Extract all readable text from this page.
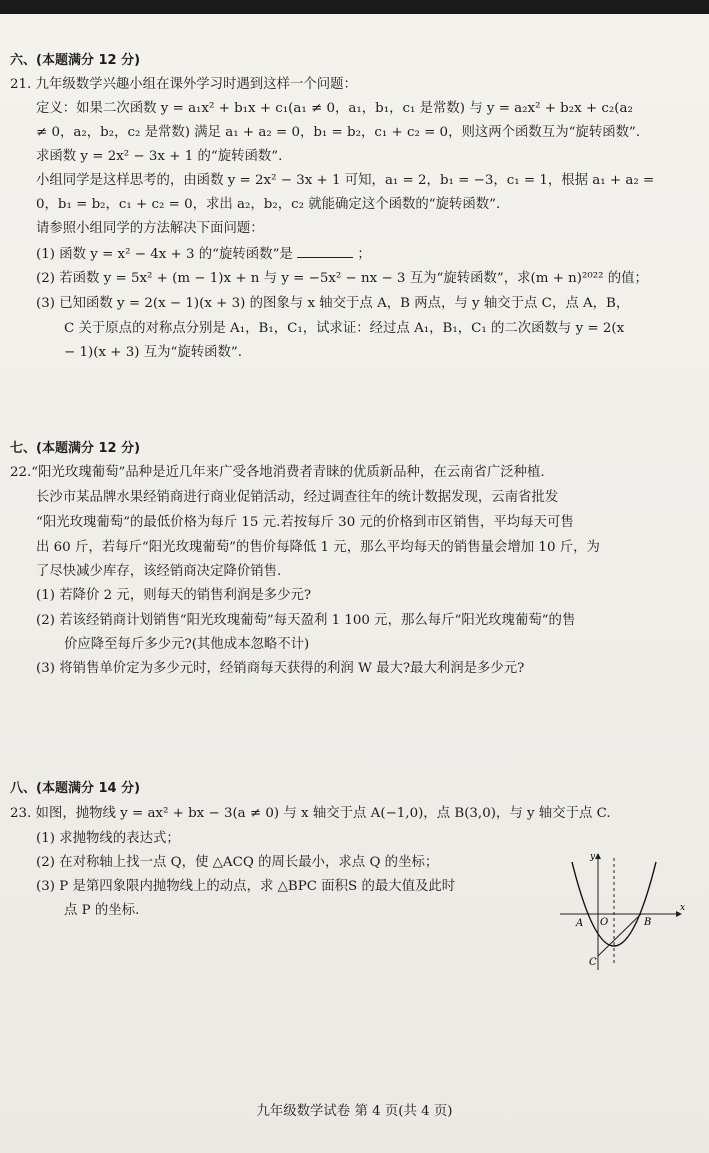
六、(本题满分 12 分)
21. 九年级数学兴趣小组在课外学习时遇到这样一个问题：
定义：如果二次函数 y = a₁x² + b₁x + c₁(a₁ ≠ 0，a₁，b₁，c₁ 是常数) 与 y = a₂x² + b₂x + c₂(a₂
≠ 0，a₂，b₂，c₂ 是常数) 满足 a₁ + a₂ = 0，b₁ = b₂，c₁ + c₂ = 0，则这两个函数互为“旋转函数”.
求函数 y = 2x² − 3x + 1 的“旋转函数”.
小组同学是这样思考的，由函数 y = 2x² − 3x + 1 可知，a₁ = 2，b₁ = −3，c₁ = 1，根据 a₁ + a₂ =
0，b₁ = b₂，c₁ + c₂ = 0，求出 a₂，b₂，c₂ 就能确定这个函数的“旋转函数”.
请参照小组同学的方法解决下面问题：
(1) 函数 y = x² − 4x + 3 的“旋转函数”是	；
(2) 若函数 y = 5x² + (m − 1)x + n 与 y = −5x² − nx − 3 互为“旋转函数”，求(m + n)²⁰²² 的值；
(3) 已知函数 y = 2(x − 1)(x + 3) 的图象与 x 轴交于点 A，B 两点，与 y 轴交于点 C，点 A，B，
C 关于原点的对称点分别是 A₁，B₁，C₁，试求证：经过点 A₁，B₁，C₁ 的二次函数与 y = 2(x
− 1)(x + 3) 互为“旋转函数”.
七、(本题满分 12 分)
22.“阳光玫瑰葡萄”品种是近几年来广受各地消费者青睐的优质新品种，在云南省广泛种植.
长沙市某品牌水果经销商进行商业促销活动，经过调查往年的统计数据发现，云南省批发
“阳光玫瑰葡萄”的最低价格为每斤 15 元.若按每斤 30 元的价格到市区销售，平均每天可售
出 60 斤，若每斤“阳光玫瑰葡萄”的售价每降低 1 元，那么平均每天的销售量会增加 10 斤，为
了尽快减少库存，该经销商决定降价销售.
(1) 若降价 2 元，则每天的销售利润是多少元?
(2) 若该经销商计划销售“阳光玫瑰葡萄”每天盈利 1 100 元，那么每斤“阳光玫瑰葡萄”的售
价应降至每斤多少元?(其他成本忽略不计)
(3) 将销售单价定为多少元时，经销商每天获得的利润 W 最大?最大利润是多少元?
八、(本题满分 14 分)
23. 如图，抛物线 y = ax² + bx − 3(a ≠ 0) 与 x 轴交于点 A(−1,0)，点 B(3,0)，与 y 轴交于点 C.
(1) 求抛物线的表达式；
(2) 在对称轴上找一点 Q，使 △ACQ 的周长最小，求点 Q 的坐标；
(3) P 是第四象限内抛物线上的动点，求 △BPC 面积S 的最大值及此时
点 P 的坐标.	x
y
A O	B
C
九年级数学试卷 第 4 页(共 4 页)
